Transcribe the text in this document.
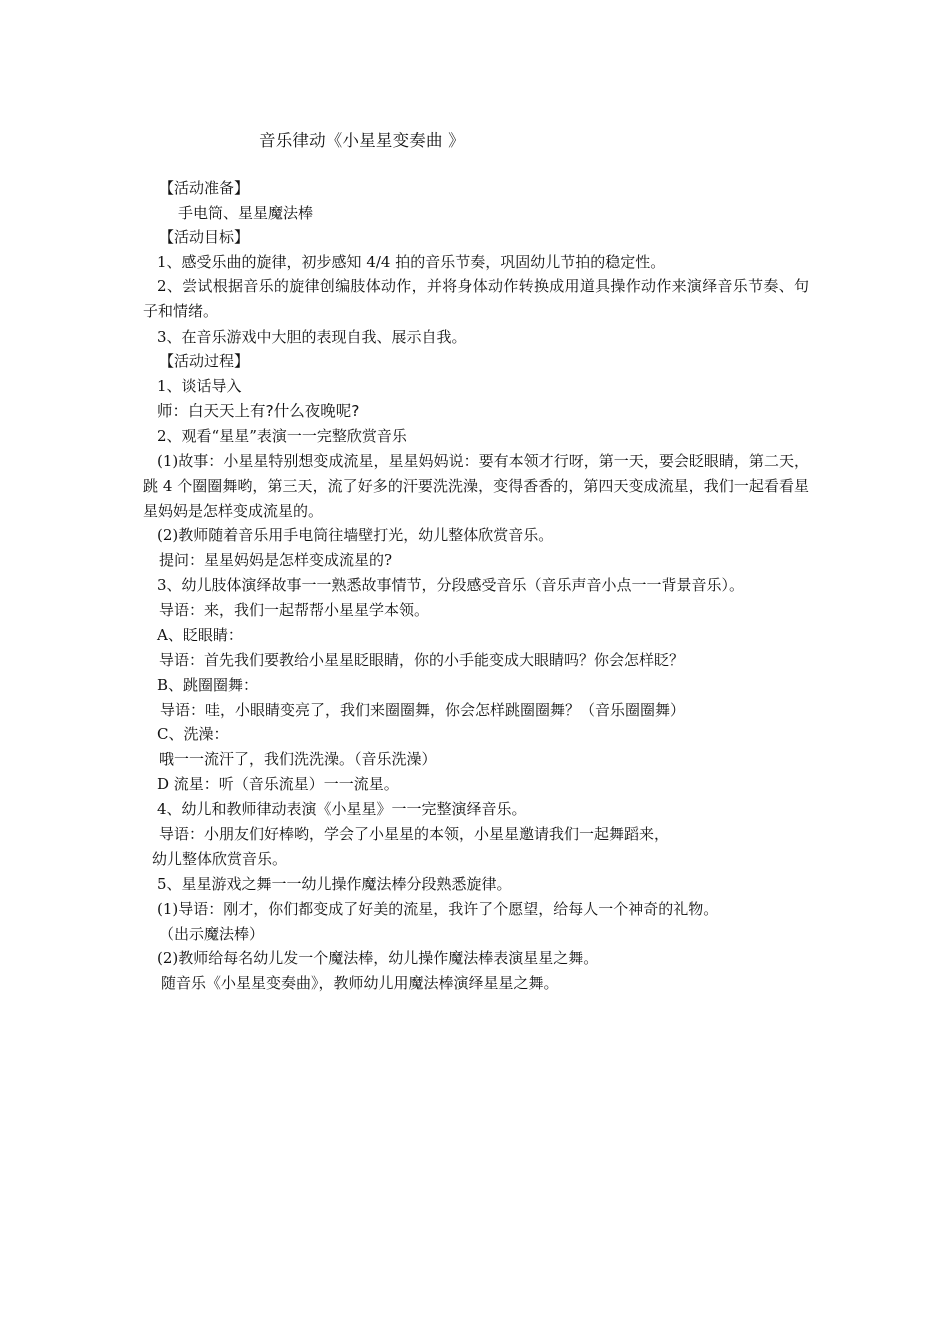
音乐律动《小星星变奏曲 》
【活动准备】
手电筒、星星魔法棒
【活动目标】
1、感受乐曲的旋律，初步感知 4/4 拍的音乐节奏，巩固幼儿节拍的稳定性。
2、尝试根据音乐的旋律创编肢体动作，并将身体动作转换成用道具操作动作来演绎音乐节奏、句子和情绪。
3、在音乐游戏中大胆的表现自我、展示自我。
【活动过程】
1、谈话导入
师：白天天上有?什么夜晚呢?
2、观看“星星”表演一一完整欣赏音乐
(1)故事：小星星特别想变成流星，星星妈妈说：要有本领才行呀，第一天，要会眨眼睛，第二天，跳 4 个圈圈舞哟，第三天，流了好多的汗要洗洗澡，变得香香的，第四天变成流星，我们一起看看星星妈妈是怎样变成流星的。
(2)教师随着音乐用手电筒往墙壁打光，幼儿整体欣赏音乐。
提问：星星妈妈是怎样变成流星的?
3、幼儿肢体演绎故事一一熟悉故事情节，分段感受音乐（音乐声音小点一一背景音乐）。
导语：来，我们一起帮帮小星星学本领。
A、眨眼睛：
导语：首先我们要教给小星星眨眼睛，你的小手能变成大眼睛吗？你会怎样眨？
B、跳圈圈舞：
导语：哇，小眼睛变亮了，我们来圈圈舞，你会怎样跳圈圈舞？（音乐圈圈舞）
C、洗澡：
哦一一流汗了，我们洗洗澡。（音乐洗澡）
D 流星：听（音乐流星）一一流星。
4、幼儿和教师律动表演《小星星》一一完整演绎音乐。
导语：小朋友们好棒哟，学会了小星星的本领，小星星邀请我们一起舞蹈来，
幼儿整体欣赏音乐。
5、星星游戏之舞一一幼儿操作魔法棒分段熟悉旋律。
(1)导语：刚才，你们都变成了好美的流星，我许了个愿望，给每人一个神奇的礼物。
（出示魔法棒）
(2)教师给每名幼儿发一个魔法棒，幼儿操作魔法棒表演星星之舞。
随音乐《小星星变奏曲》，教师幼儿用魔法棒演绎星星之舞。
